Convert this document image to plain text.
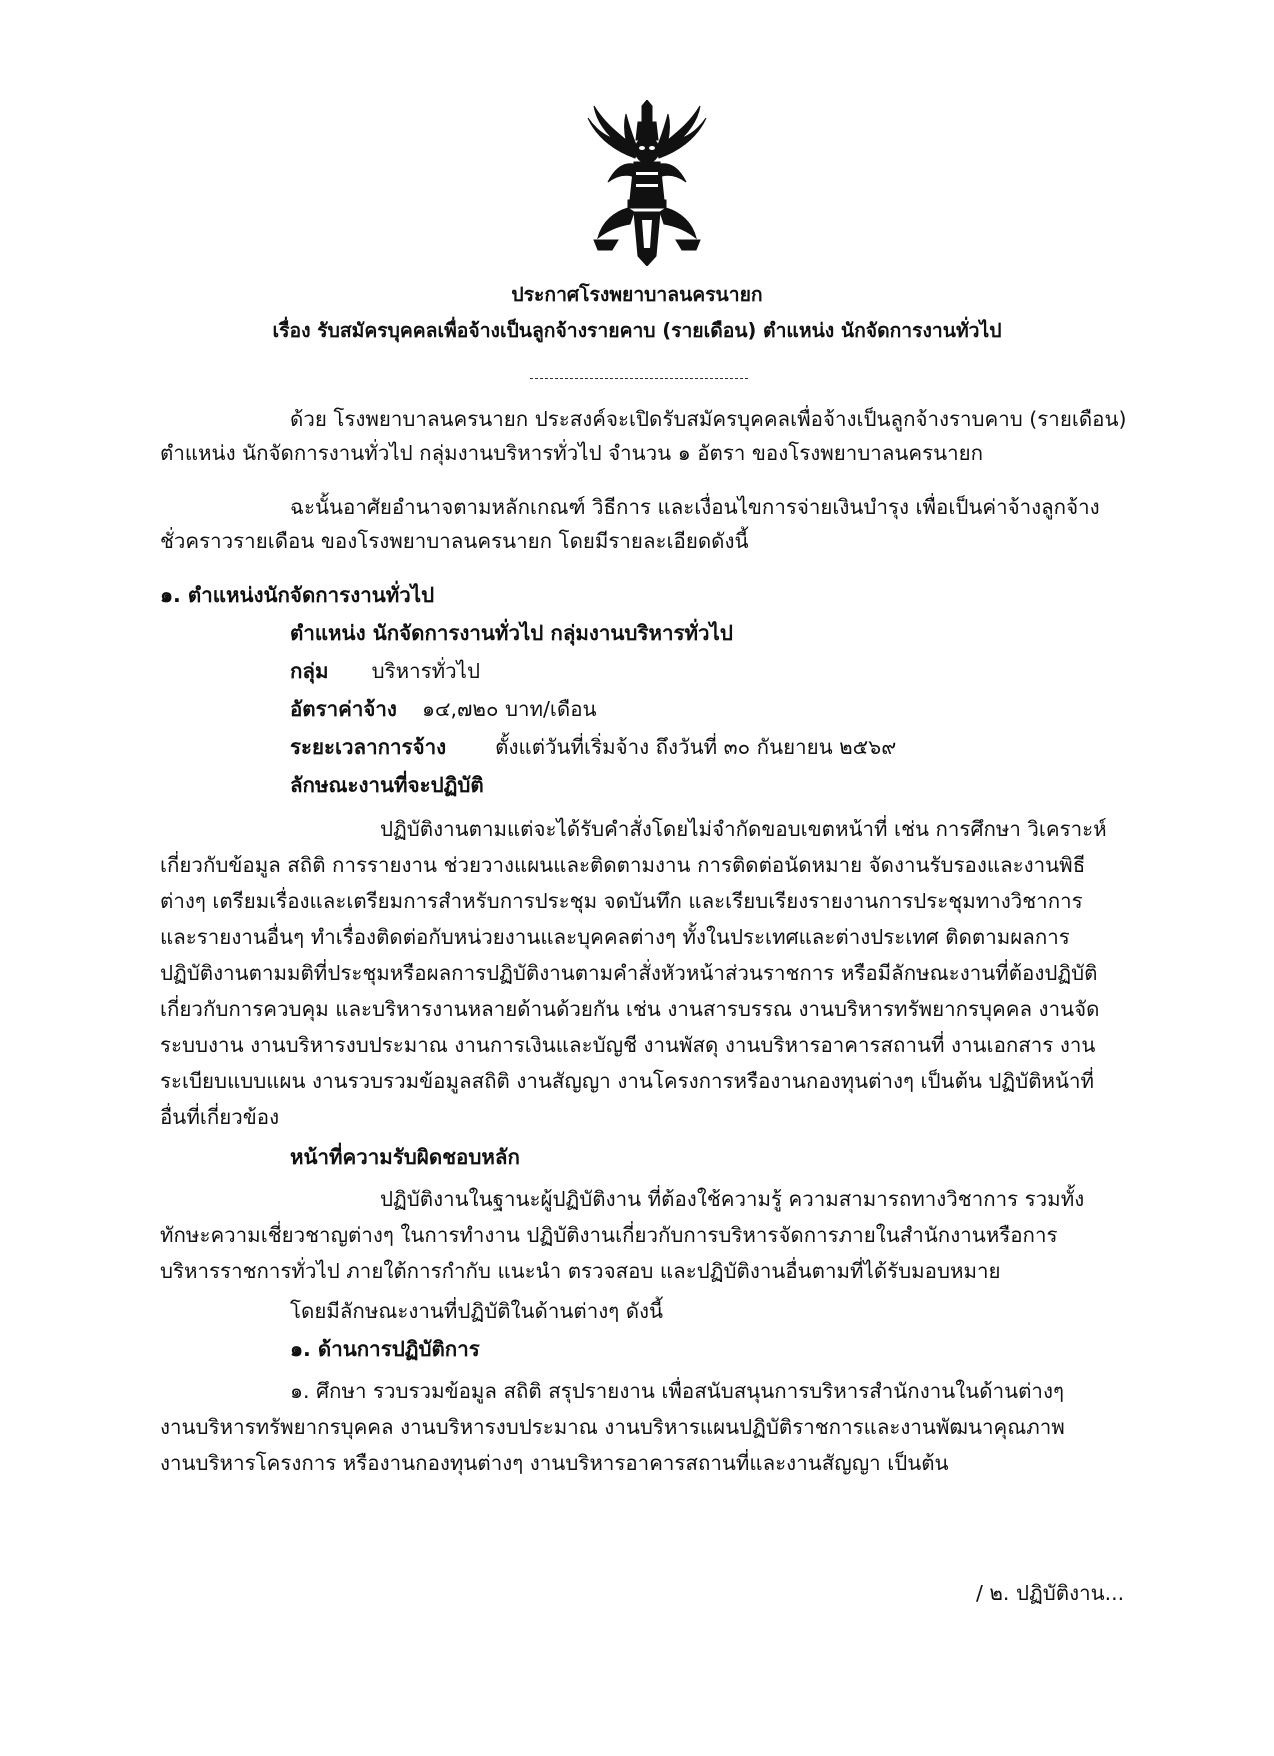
ประกาศโรงพยาบาลนครนายก
เรื่อง รับสมัครบุคคลเพื่อจ้างเป็นลูกจ้างรายคาบ (รายเดือน) ตำแหน่ง นักจัดการงานทั่วไป
ด้วย โรงพยาบาลนครนายก ประสงค์จะเปิดรับสมัครบุคคลเพื่อจ้างเป็นลูกจ้างราบคาบ (รายเดือน)
ตำแหน่ง นักจัดการงานทั่วไป กลุ่มงานบริหารทั่วไป จำนวน ๑ อัตรา ของโรงพยาบาลนครนายก
ฉะนั้นอาศัยอำนาจตามหลักเกณฑ์ วิธีการ และเงื่อนไขการจ่ายเงินบำรุง เพื่อเป็นค่าจ้างลูกจ้าง
ชั่วคราวรายเดือน ของโรงพยาบาลนครนายก โดยมีรายละเอียดดังนี้
๑. ตำแหน่งนักจัดการงานทั่วไป
ตำแหน่ง นักจัดการงานทั่วไป กลุ่มงานบริหารทั่วไป
กลุ่ม บริหารทั่วไป
อัตราค่าจ้าง ๑๔,๗๒๐ บาท/เดือน
ระยะเวลาการจ้าง ตั้งแต่วันที่เริ่มจ้าง ถึงวันที่ ๓๐ กันยายน ๒๕๖๙
ลักษณะงานที่จะปฏิบัติ
ปฏิบัติงานตามแต่จะได้รับคำสั่งโดยไม่จำกัดขอบเขตหน้าที่ เช่น การศึกษา วิเคราะห์
เกี่ยวกับข้อมูล สถิติ การรายงาน ช่วยวางแผนและติดตามงาน การติดต่อนัดหมาย จัดงานรับรองและงานพิธี
ต่างๆ เตรียมเรื่องและเตรียมการสำหรับการประชุม จดบันทึก และเรียบเรียงรายงานการประชุมทางวิชาการ
และรายงานอื่นๆ ทำเรื่องติดต่อกับหน่วยงานและบุคคลต่างๆ ทั้งในประเทศและต่างประเทศ ติดตามผลการ
ปฏิบัติงานตามมติที่ประชุมหรือผลการปฏิบัติงานตามคำสั่งหัวหน้าส่วนราชการ หรือมีลักษณะงานที่ต้องปฏิบัติ
เกี่ยวกับการควบคุม และบริหารงานหลายด้านด้วยกัน เช่น งานสารบรรณ งานบริหารทรัพยากรบุคคล งานจัด
ระบบงาน งานบริหารงบประมาณ งานการเงินและบัญชี งานพัสดุ งานบริหารอาคารสถานที่ งานเอกสาร งาน
ระเบียบแบบแผน งานรวบรวมข้อมูลสถิติ งานสัญญา งานโครงการหรืองานกองทุนต่างๆ เป็นต้น ปฏิบัติหน้าที่
อื่นที่เกี่ยวข้อง
หน้าที่ความรับผิดชอบหลัก
ปฏิบัติงานในฐานะผู้ปฏิบัติงาน ที่ต้องใช้ความรู้ ความสามารถทางวิชาการ รวมทั้ง
ทักษะความเชี่ยวชาญต่างๆ ในการทำงาน ปฏิบัติงานเกี่ยวกับการบริหารจัดการภายในสำนักงานหรือการ
บริหารราชการทั่วไป ภายใต้การกำกับ แนะนำ ตรวจสอบ และปฏิบัติงานอื่นตามที่ได้รับมอบหมาย
โดยมีลักษณะงานที่ปฏิบัติในด้านต่างๆ ดังนี้
๑. ด้านการปฏิบัติการ
๑. ศึกษา รวบรวมข้อมูล สถิติ สรุปรายงาน เพื่อสนับสนุนการบริหารสำนักงานในด้านต่างๆ
งานบริหารทรัพยากรบุคคล งานบริหารงบประมาณ งานบริหารแผนปฏิบัติราชการและงานพัฒนาคุณภาพ
งานบริหารโครงการ หรืองานกองทุนต่างๆ งานบริหารอาคารสถานที่และงานสัญญา เป็นต้น
/ ๒. ปฏิบัติงาน...
